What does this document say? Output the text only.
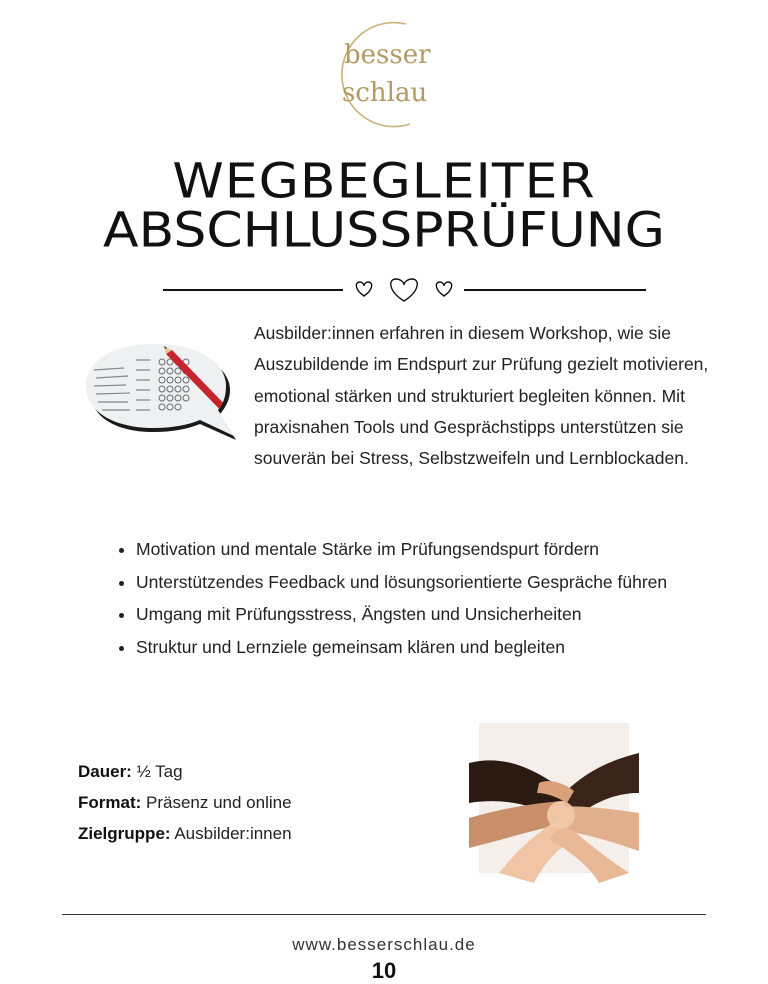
besser
schlau
WEGBEGLEITER
ABSCHLUSSPRÜFUNG
Ausbilder:innen erfahren in diesem Workshop, wie sie Auszubildende im Endspurt zur Prüfung gezielt motivieren, emotional stärken und strukturiert begleiten können. Mit praxisnahen Tools und Gesprächstipps unterstützen sie souverän bei Stress, Selbstzweifeln und Lernblockaden.
• Motivation und mentale Stärke im Prüfungsendspurt fördern
• Unterstützendes Feedback und lösungsorientierte Gespräche führen
• Umgang mit Prüfungsstress, Ängsten und Unsicherheiten
• Struktur und Lernziele gemeinsam klären und begleiten
Dauer: ½ Tag
Format: Präsenz und online
Zielgruppe: Ausbilder:innen
www.besserschlau.de
10
